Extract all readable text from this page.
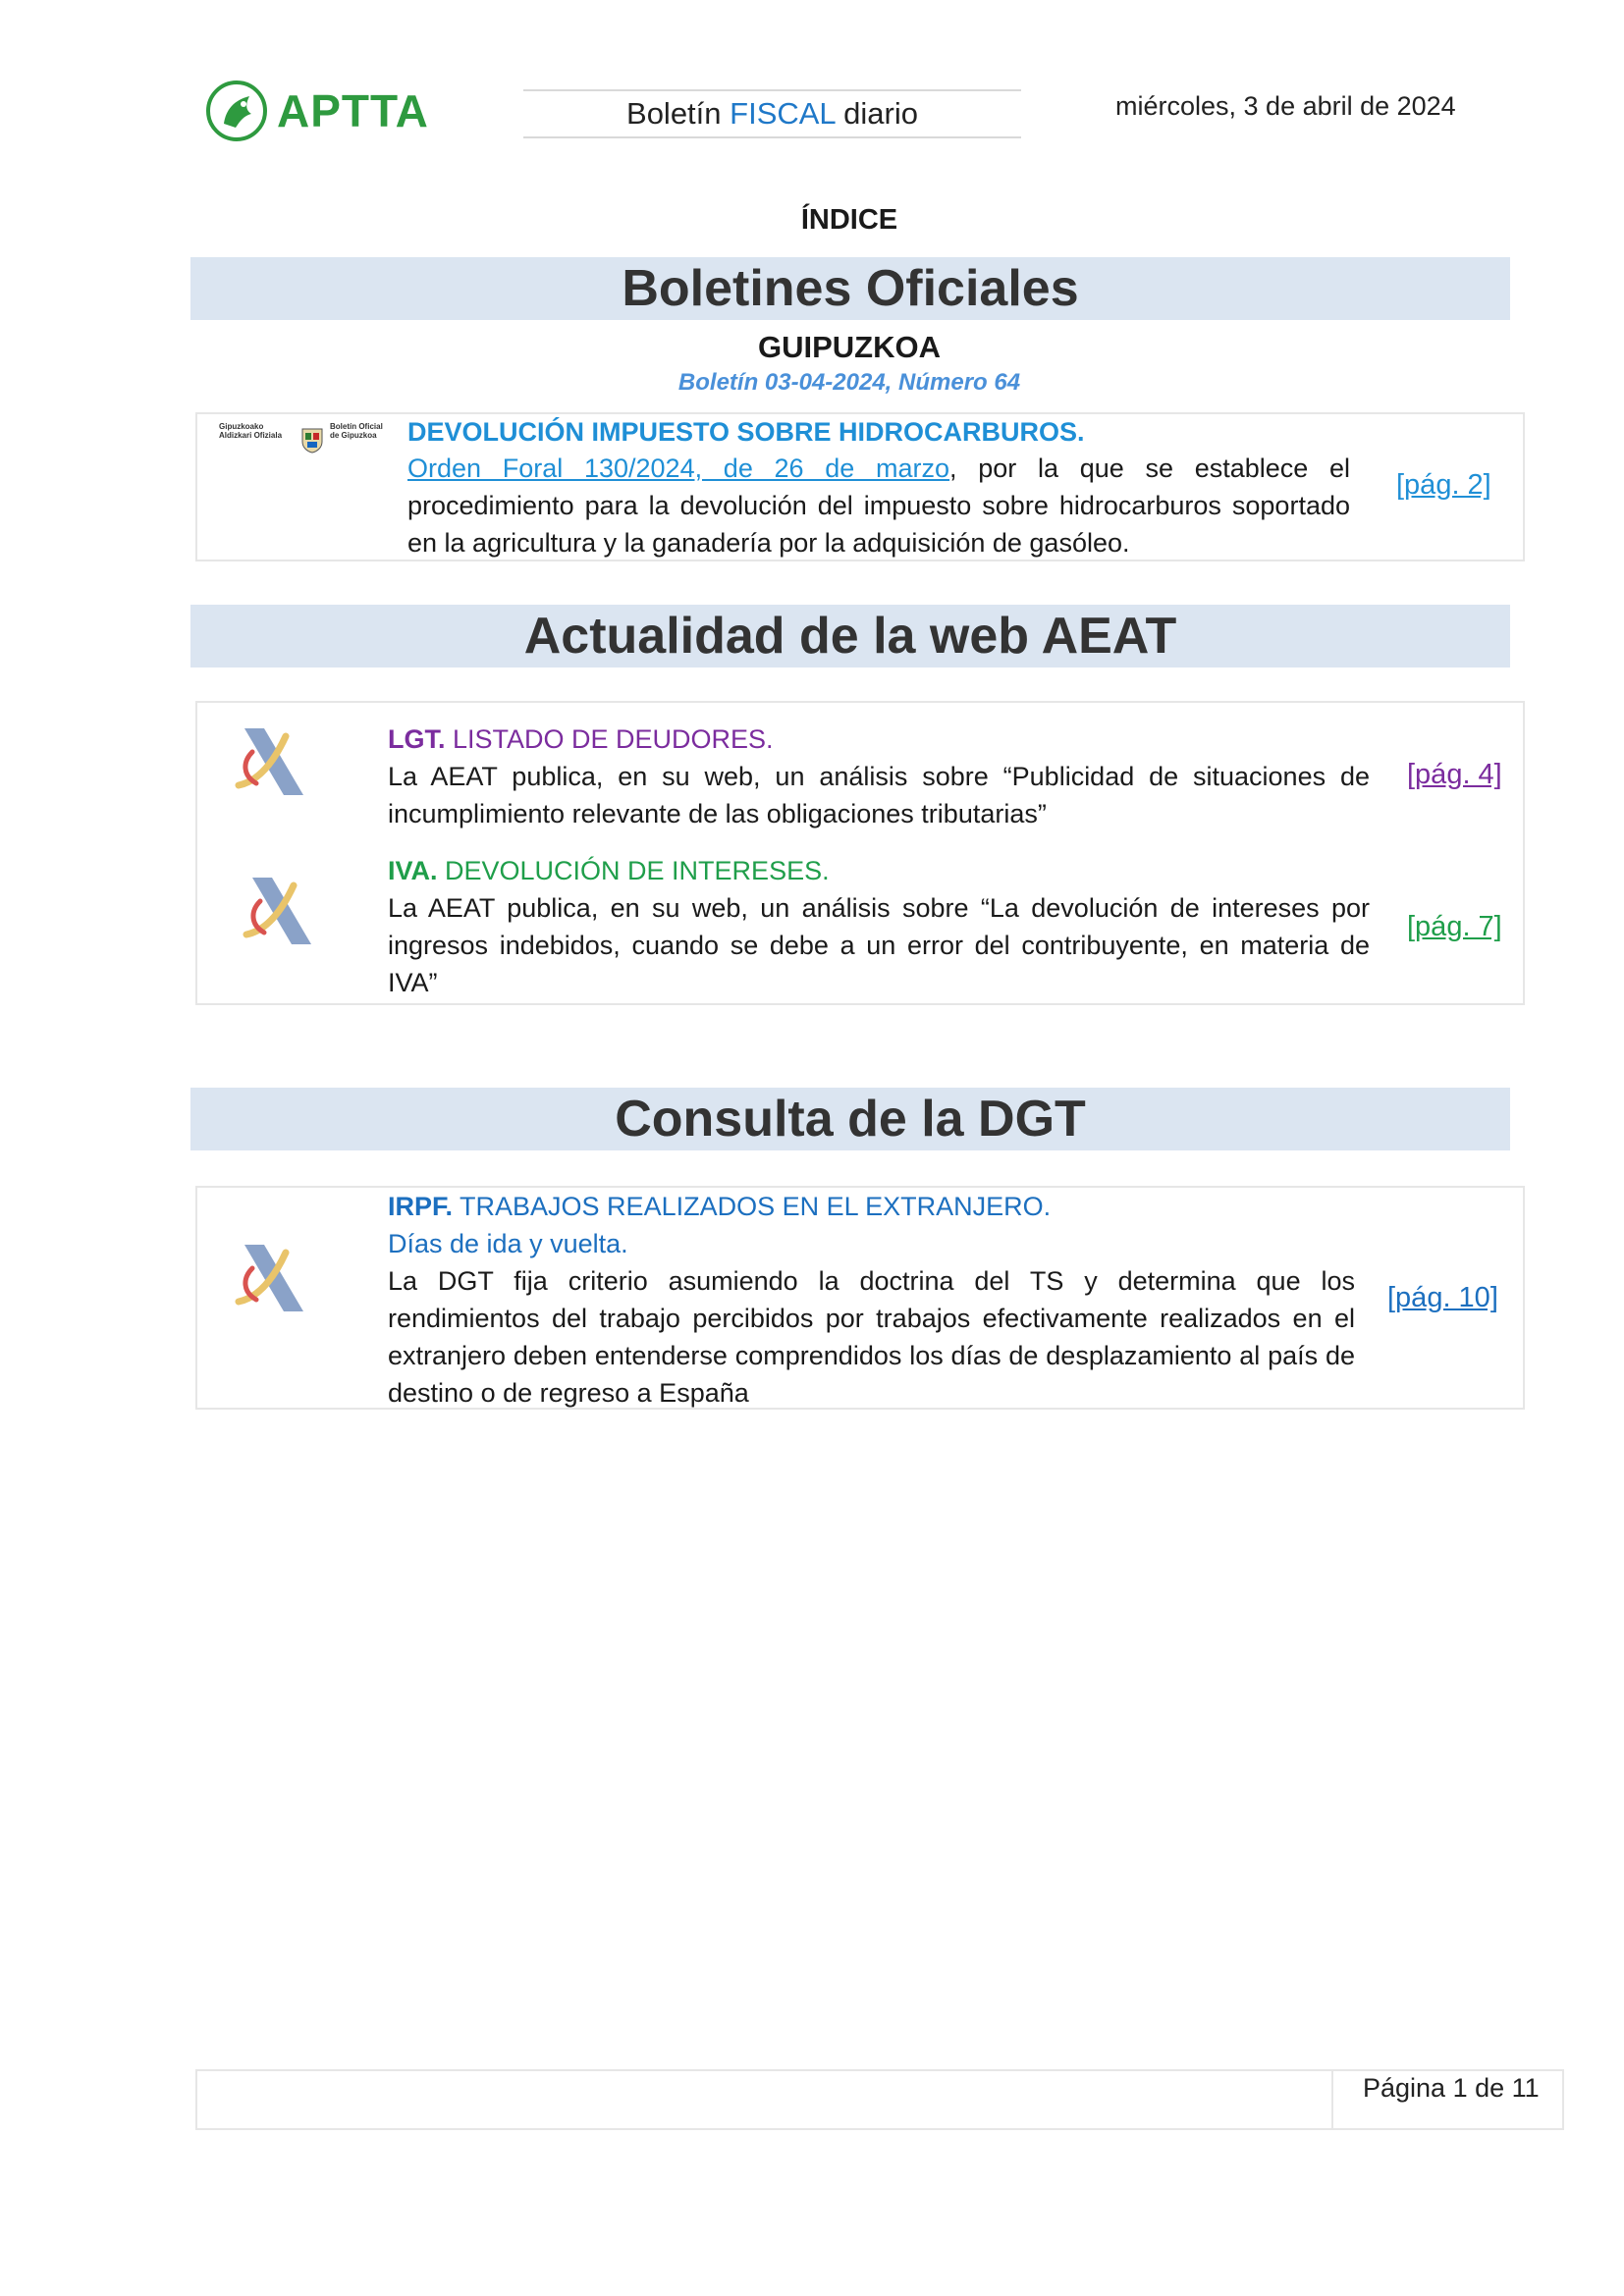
APTTA	Boletín FISCAL diario	miércoles, 3 de abril de 2024
ÍNDICE
Boletines Oficiales
GUIPUZKOA
Boletín 03-04-2024, Número 64
Gipuzkoako Aldizkari Ofiziala
Boletín Oficial de Gipuzkoa	DEVOLUCIÓN IMPUESTO SOBRE HIDROCARBUROS.
Orden Foral 130/2024, de 26 de marzo, por la que se establece el procedimiento para la devolución del impuesto sobre hidrocarburos soportado en la agricultura y la ganadería por la adquisición de gasóleo.
[pág. 2]
Actualidad de la web AEAT
LGT. LISTADO DE DEUDORES.
La AEAT publica, en su web, un análisis sobre “Publicidad de situaciones de incumplimiento relevante de las obligaciones tributarias”
[pág. 4]
IVA. DEVOLUCIÓN DE INTERESES.
La AEAT publica, en su web, un análisis sobre “La devolución de intereses por ingresos indebidos, cuando se debe a un error del contribuyente, en materia de IVA”
[pág. 7]
Consulta de la DGT
IRPF. TRABAJOS REALIZADOS EN EL EXTRANJERO.
Días de ida y vuelta.
La DGT fija criterio asumiendo la doctrina del TS y determina que los rendimientos del trabajo percibidos por trabajos efectivamente realizados en el extranjero deben entenderse comprendidos los días de desplazamiento al país de destino o de regreso a España
[pág. 10]
Página 1 de 11
